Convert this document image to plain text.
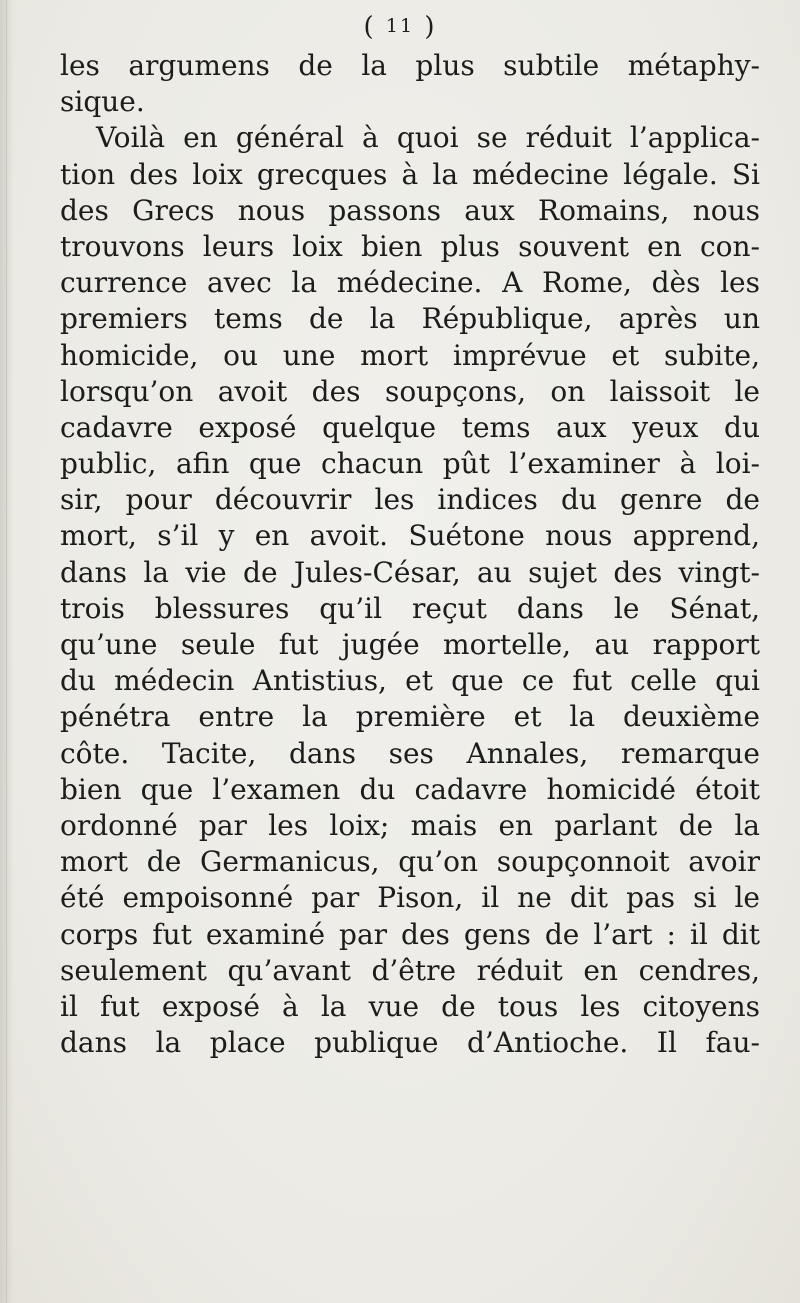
( 11 )
les argumens de la plus subtile métaphy-
sique.
Voilà en général à quoi se réduit l’applica-
tion des loix grecques à la médecine légale. Si
des Grecs nous passons aux Romains, nous
trouvons leurs loix bien plus souvent en con-
currence avec la médecine. A Rome, dès les
premiers tems de la République, après un
homicide, ou une mort imprévue et subite,
lorsqu’on avoit des soupçons, on laissoit le
cadavre exposé quelque tems aux yeux du
public, afin que chacun pût l’examiner à loi-
sir, pour découvrir les indices du genre de
mort, s’il y en avoit. Suétone nous apprend,
dans la vie de Jules-César, au sujet des vingt-
trois blessures qu’il reçut dans le Sénat,
qu’une seule fut jugée mortelle, au rapport
du médecin Antistius, et que ce fut celle qui
pénétra entre la première et la deuxième
côte. Tacite, dans ses Annales, remarque
bien que l’examen du cadavre homicidé étoit
ordonné par les loix; mais en parlant de la
mort de Germanicus, qu’on soupçonnoit avoir
été empoisonné par Pison, il ne dit pas si le
corps fut examiné par des gens de l’art : il dit
seulement qu’avant d’être réduit en cendres,
il fut exposé à la vue de tous les citoyens
dans la place publique d’Antioche. Il fau-
